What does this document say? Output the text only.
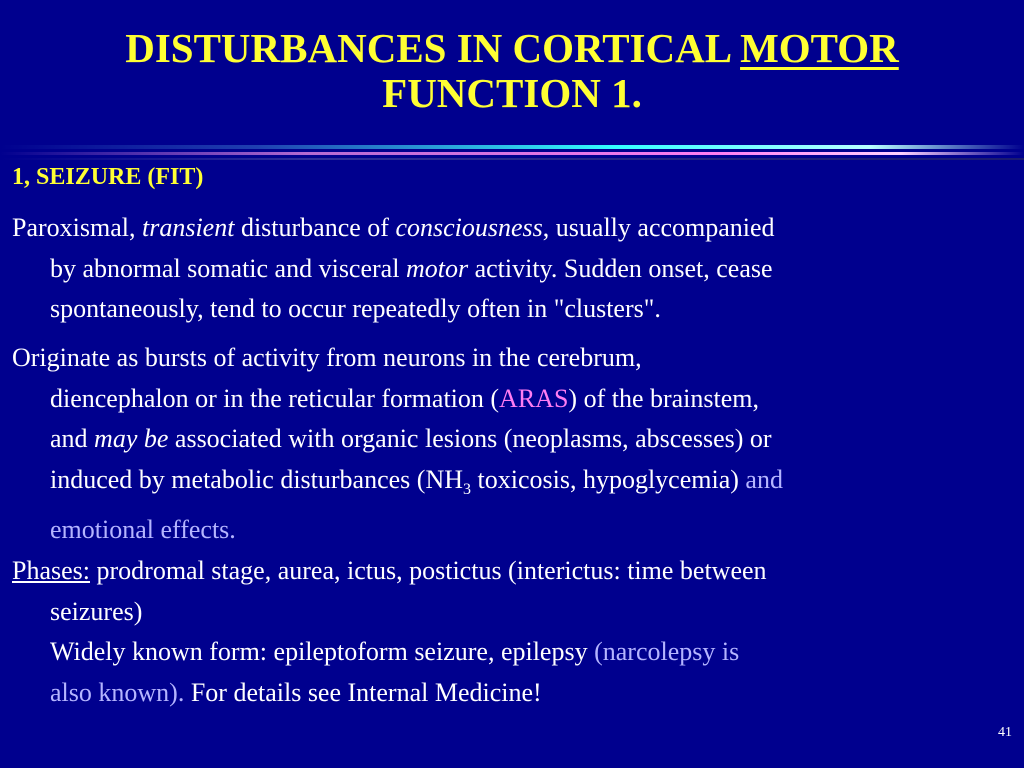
DISTURBANCES IN CORTICAL MOTOR
FUNCTION 1.
1, SEIZURE (FIT)
Paroxismal, transient disturbance of consciousness, usually accompanied
by abnormal somatic and visceral motor activity. Sudden onset, cease
spontaneously, tend to occur repeatedly often in "clusters".
Originate as bursts of activity from neurons in the cerebrum,
diencephalon or in the reticular formation (ARAS) of the brainstem,
and may be associated with organic lesions (neoplasms, abscesses) or
induced by metabolic disturbances ($NH_3$ toxicosis, hypoglycemia) and
emotional effects.
Phases: prodromal stage, aurea, ictus, postictus (interictus: time between
seizures)
Widely known form: epileptoform seizure, epilepsy (narcolepsy is
also known). For details see Internal Medicine!
41
